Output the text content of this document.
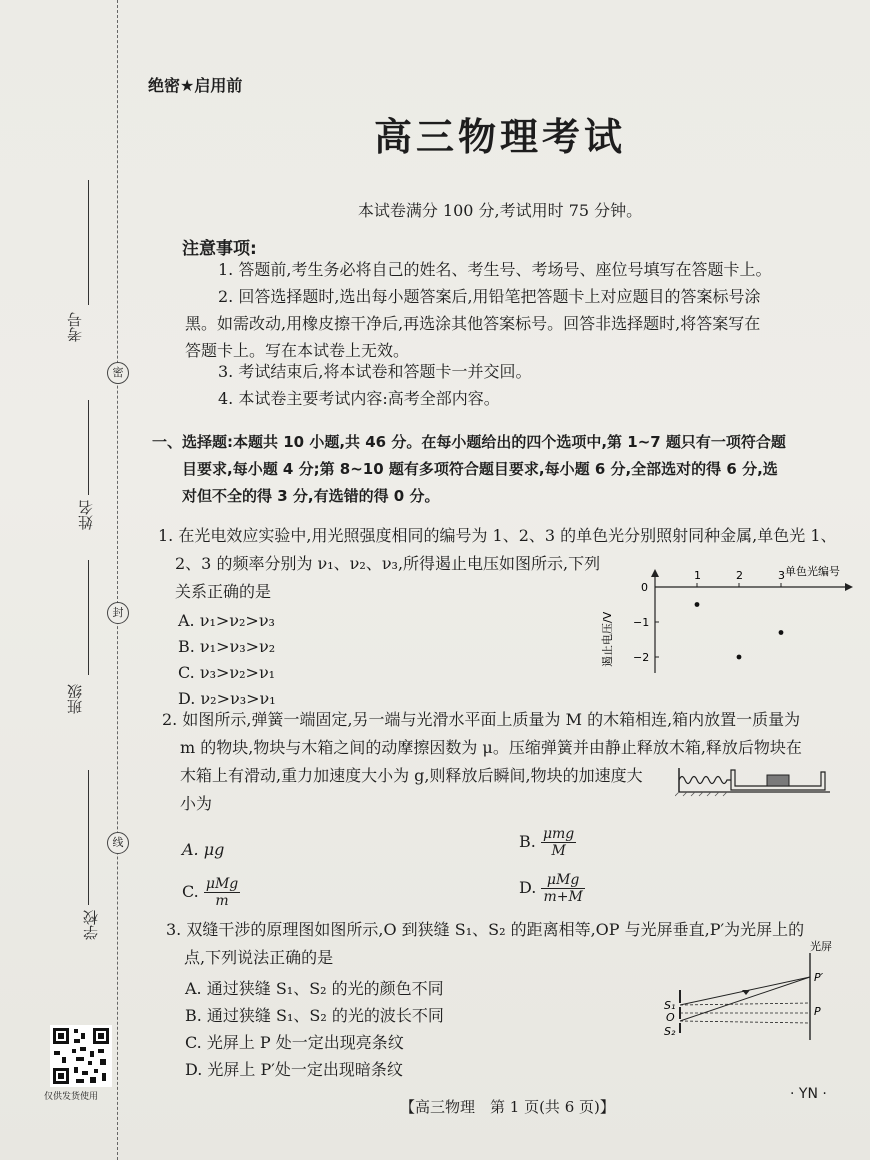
考号
姓名
班级
学校
密
封
线
仅供发货使用
绝密★启用前
高三物理考试
本试卷满分 100 分,考试用时 75 分钟。
注意事项:
1. 答题前,考生务必将自己的姓名、考生号、考场号、座位号填写在答题卡上。
2. 回答选择题时,选出每小题答案后,用铅笔把答题卡上对应题目的答案标号涂
黑。如需改动,用橡皮擦干净后,再选涂其他答案标号。回答非选择题时,将答案写在
答题卡上。写在本试卷上无效。
3. 考试结束后,将本试卷和答题卡一并交回。
4. 本试卷主要考试内容:高考全部内容。
一、选择题:本题共 10 小题,共 46 分。在每小题给出的四个选项中,第 1~7 题只有一项符合题
目要求,每小题 4 分;第 8~10 题有多项符合题目要求,每小题 6 分,全部选对的得 6 分,选
对但不全的得 3 分,有选错的得 0 分。
1. 在光电效应实验中,用光照强度相同的编号为 1、2、3 的单色光分别照射同种金属,单色光 1、
2、3 的频率分别为 ν₁、ν₂、ν₃,所得遏止电压如图所示,下列
关系正确的是
A. ν₁>ν₂>ν₃
B. ν₁>ν₃>ν₂
C. ν₃>ν₂>ν₁
D. ν₂>ν₃>ν₁
1	2	3
0
−1
−2
单色光编号
遏止电压/V
2. 如图所示,弹簧一端固定,另一端与光滑水平面上质量为 M 的木箱相连,箱内放置一质量为
m 的物块,物块与木箱之间的动摩擦因数为 μ。压缩弹簧并由静止释放木箱,释放后物块在
木箱上有滑动,重力加速度大小为 g,则释放后瞬间,物块的加速度大
小为
A. μg	B. $\frac{\text{μmg}}{M}$
C. $\frac{\text{μMg}}{m}$	D. $\frac{\text{μMg}}{m+M}$
3. 双缝干涉的原理图如图所示,O 到狭缝 S₁、S₂ 的距离相等,OP 与光屏垂直,P′为光屏上的
点,下列说法正确的是
A. 通过狭缝 S₁、S₂ 的光的颜色不同
B. 通过狭缝 S₁、S₂ 的光的波长不同
C. 光屏上 P 处一定出现亮条纹
D. 光屏上 P′处一定出现暗条纹
光屏
S₁
O
S₂
P
P′
【高三物理　第 1 页(共 6 页)】
· YN ·
